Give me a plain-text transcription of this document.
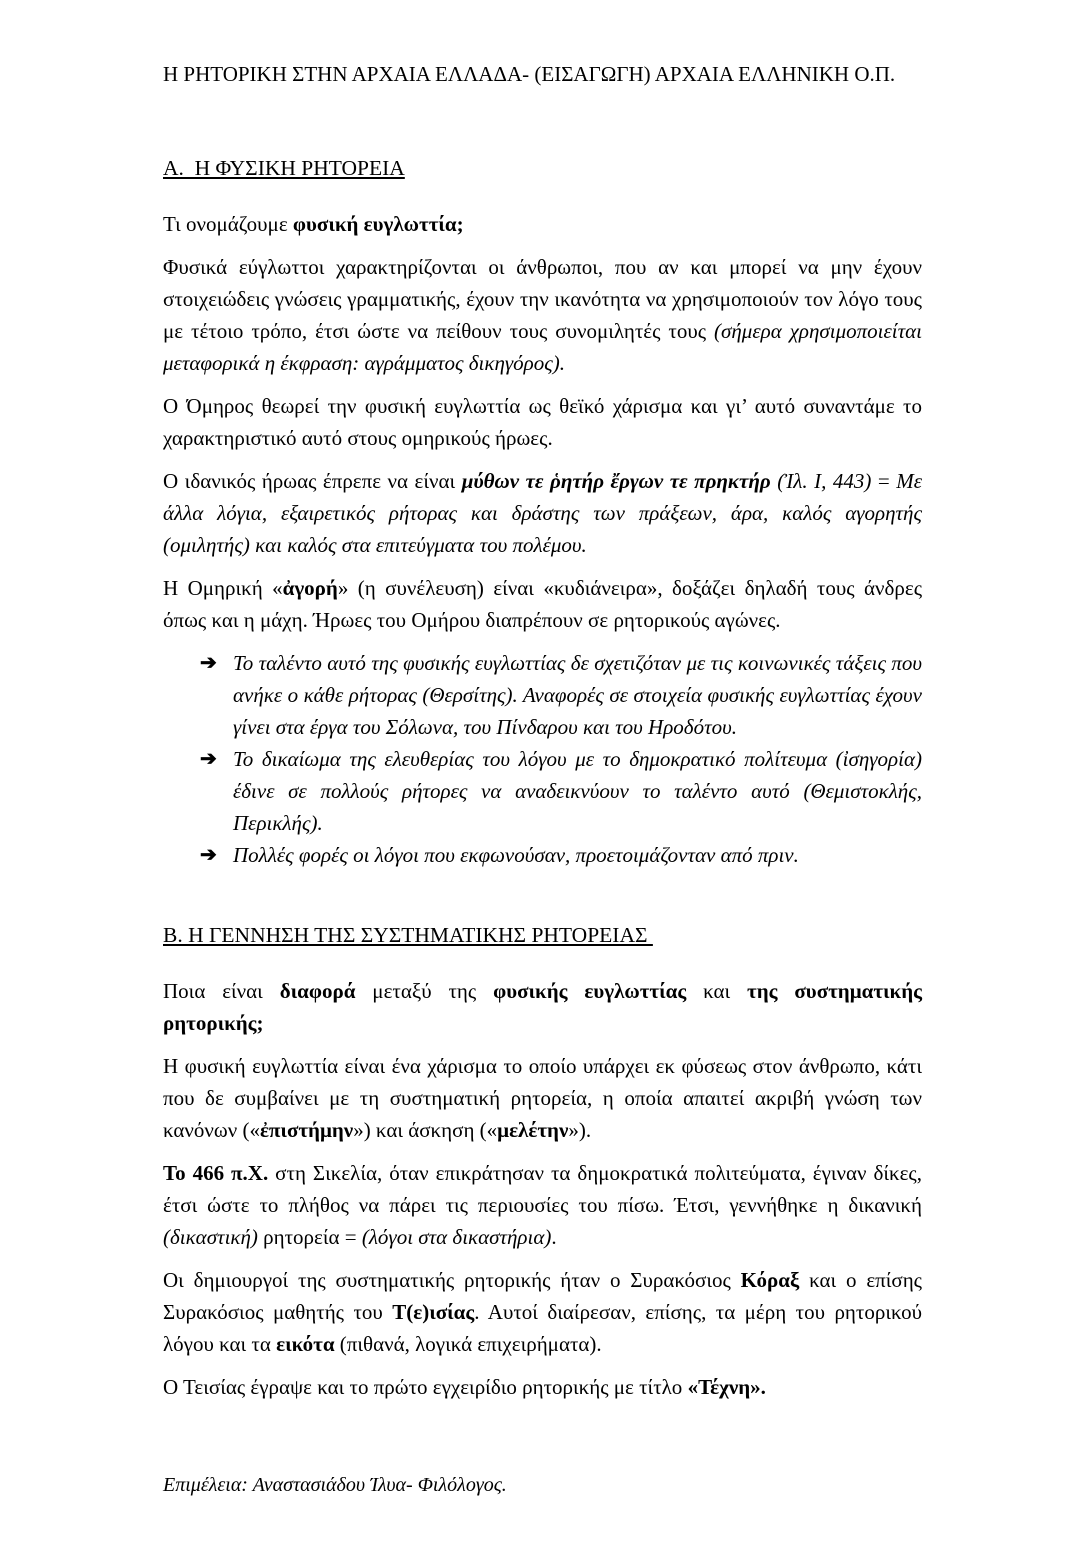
Η ΡΗΤΟΡΙΚΗ ΣΤΗΝ ΑΡΧΑΙΑ ΕΛΛΑΔΑ- (ΕΙΣΑΓΩΓΗ) ΑΡΧΑΙΑ ΕΛΛΗΝΙΚΗ Ο.Π.

Α.  Η ΦΥΣΙΚΗ ΡΗΤΟΡΕΙΑ

Τι ονομάζουμε φυσική ευγλωττία;

Φυσικά εύγλωττοι χαρακτηρίζονται οι άνθρωποι, που αν και μπορεί να μην έχουν στοιχειώδεις γνώσεις γραμματικής, έχουν την ικανότητα να χρησιμοποιούν τον λόγο τους με τέτοιο τρόπο, έτσι ώστε να πείθουν τους συνομιλητές τους (σήμερα χρησιμοποιείται μεταφορικά η έκφραση: αγράμματος δικηγόρος).

Ο Όμηρος θεωρεί την φυσική ευγλωττία ως θεϊκό χάρισμα και γι’ αυτό συναντάμε το χαρακτηριστικό αυτό στους ομηρικούς ήρωες.

Ο ιδανικός ήρωας έπρεπε να είναι μύθων τε ῥητήρ ἔργων τε πρηκτήρ (Ἰλ. Ι, 443) = Με άλλα λόγια, εξαιρετικός ρήτορας και δράστης των πράξεων, άρα, καλός αγορητής (ομιλητής) και καλός στα επιτεύγματα του πολέμου.

Η Ομηρική «ἀγορή» (η συνέλευση) είναι «κυδιάνειρα», δοξάζει δηλαδή τους άνδρες όπως και η μάχη. Ήρωες του Ομήρου διαπρέπουν σε ρητορικούς αγώνες.

➔ Το ταλέντο αυτό της φυσικής ευγλωττίας δε σχετιζόταν με τις κοινωνικές τάξεις που ανήκε ο κάθε ρήτορας (Θερσίτης). Αναφορές σε στοιχεία φυσικής ευγλωττίας έχουν γίνει στα έργα του Σόλωνα, του Πίνδαρου και του Ηροδότου.
➔ Το δικαίωμα της ελευθερίας του λόγου με το δημοκρατικό πολίτευμα (ἰσηγορία) έδινε σε πολλούς ρήτορες να αναδεικνύουν το ταλέντο αυτό (Θεμιστοκλής, Περικλής).
➔ Πολλές φορές οι λόγοι που εκφωνούσαν, προετοιμάζονταν από πριν.
Β. Η ΓΕΝΝΗΣΗ ΤΗΣ ΣΥΣΤΗΜΑΤΙΚΗΣ ΡΗΤΟΡΕΙΑΣ

Ποια είναι διαφορά μεταξύ της φυσικής ευγλωττίας και της συστηματικής ρητορικής;

Η φυσική ευγλωττία είναι ένα χάρισμα το οποίο υπάρχει εκ φύσεως στον άνθρωπο, κάτι που δε συμβαίνει με τη συστηματική ρητορεία, η οποία απαιτεί ακριβή γνώση των κανόνων («ἐπιστήμην») και άσκηση («μελέτην»).

Το 466 π.Χ. στη Σικελία, όταν επικράτησαν τα δημοκρατικά πολιτεύματα, έγιναν δίκες, έτσι ώστε το πλήθος να πάρει τις περιουσίες του πίσω. Έτσι, γεννήθηκε η δικανική (δικαστική) ρητορεία = (λόγοι στα δικαστήρια).

Οι δημιουργοί της συστηματικής ρητορικής ήταν ο Συρακόσιος Κόραξ και ο επίσης Συρακόσιος μαθητής του Τ(ε)ισίας. Αυτοί διαίρεσαν, επίσης, τα μέρη του ρητορικού λόγου και τα εικότα (πιθανά, λογικά επιχειρήματα).

Ο Τεισίας έγραψε και το πρώτο εγχειρίδιο ρητορικής με τίτλο «Τέχνη».

Επιμέλεια: Αναστασιάδου Ίλυα- Φιλόλογος.
